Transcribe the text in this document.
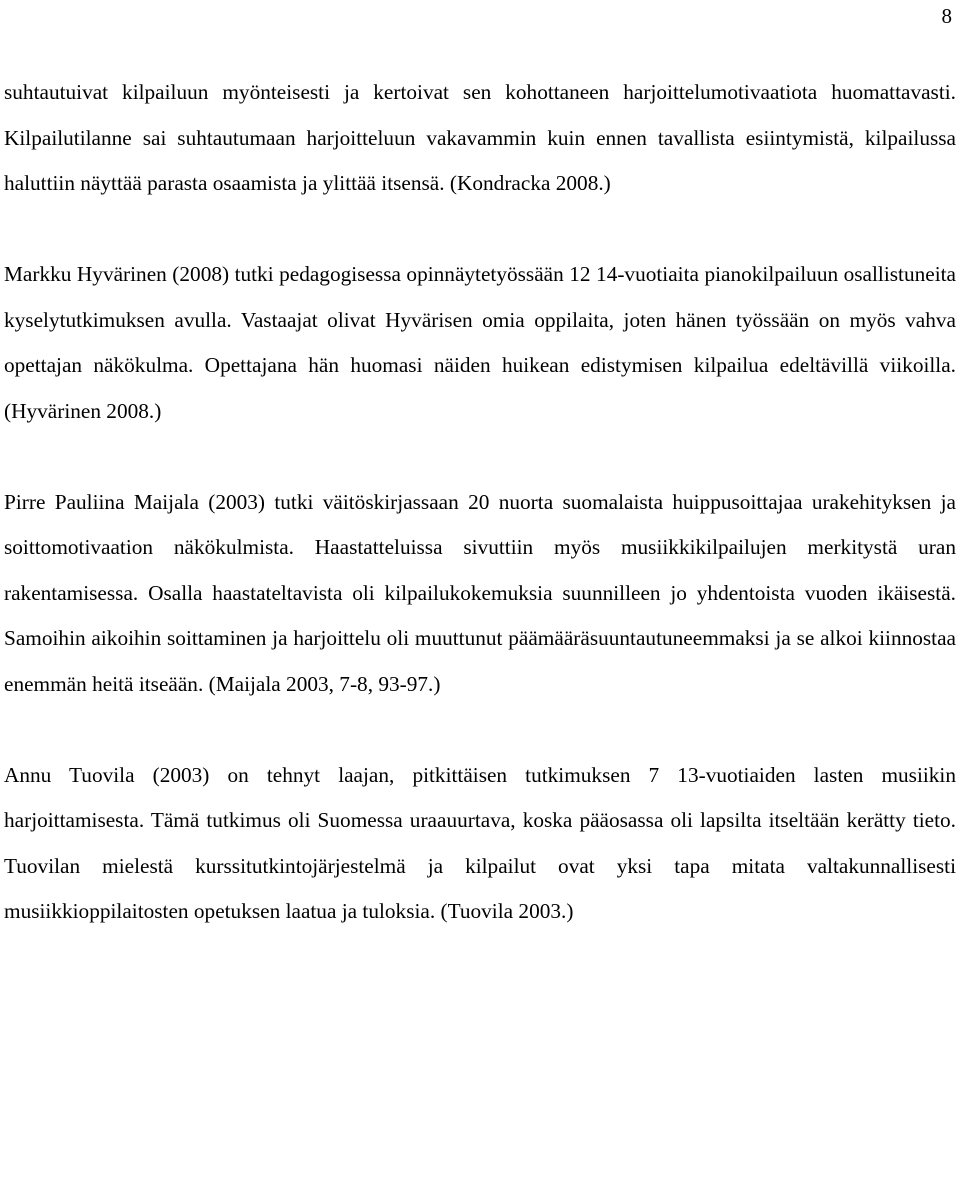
8

suhtautuivat kilpailuun myönteisesti ja kertoivat sen kohottaneen harjoittelumotivaatiota huomattavasti. Kilpailutilanne sai suhtautumaan harjoitteluun vakavammin kuin ennen tavallista esiintymistä, kilpailussa haluttiin näyttää parasta osaamista ja ylittää itsensä. (Kondracka 2008.)

Markku Hyvärinen (2008) tutki pedagogisessa opinnäytetyössään 12 14-vuotiaita pianokilpailuun osallistuneita kyselytutkimuksen avulla. Vastaajat olivat Hyvärisen omia oppilaita, joten hänen työssään on myös vahva opettajan näkökulma. Opettajana hän huomasi näiden huikean edistymisen kilpailua edeltävillä viikoilla. (Hyvärinen 2008.)

Pirre Pauliina Maijala (2003) tutki väitöskirjassaan 20 nuorta suomalaista huippusoittajaa urakehityksen ja soittomotivaation näkökulmista. Haastatteluissa sivuttiin myös musiikkikilpailujen merkitystä uran rakentamisessa. Osalla haastateltavista oli kilpailukokemuksia suunnilleen jo yhdentoista vuoden ikäisestä. Samoihin aikoihin soittaminen ja harjoittelu oli muuttunut päämääräsuuntautuneemmaksi ja se alkoi kiinnostaa enemmän heitä itseään. (Maijala 2003, 7-8, 93-97.)

Annu Tuovila (2003) on tehnyt laajan, pitkittäisen tutkimuksen 7 13-vuotiaiden lasten musiikin harjoittamisesta. Tämä tutkimus oli Suomessa uraauurtava, koska pääosassa oli lapsilta itseltään kerätty tieto. Tuovilan mielestä kurssitutkintojärjestelmä ja kilpailut ovat yksi tapa mitata valtakunnallisesti musiikkioppilaitosten opetuksen laatua ja tuloksia. (Tuovila 2003.)
